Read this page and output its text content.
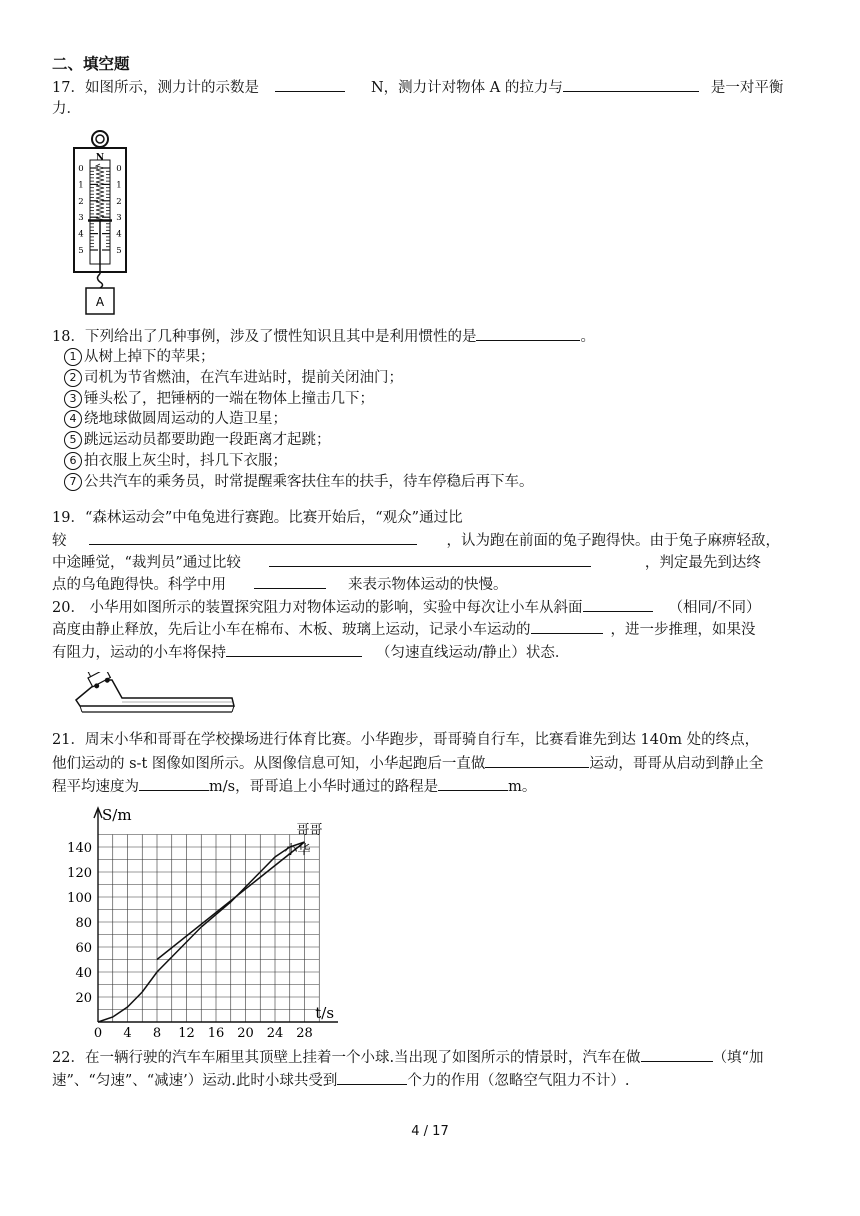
二、填空题
17．如图所示，测力计的示数是	N，测力计对物体 A 的拉力与	是一对平衡
力．
N
0	0
1	1
2	2
3	3
4	4
5	5
A
18．下列给出了几种事例，涉及了惯性知识且其中是利用惯性的是	。
1 从树上掉下的苹果；
2 司机为节省燃油，在汽车进站时，提前关闭油门；
3 锤头松了，把锤柄的一端在物体上撞击几下；
4 绕地球做圆周运动的人造卫星；
5 跳远运动员都要助跑一段距离才起跳；
6 拍衣服上灰尘时，抖几下衣服；
7 公共汽车的乘务员，时常提醒乘客扶住车的扶手，待车停稳后再下车。
19．“森林运动会”中龟兔进行赛跑。比赛开始后，“观众”通过比
较	，认为跑在前面的兔子跑得快。由于兔子麻痹轻敌，
中途睡觉，“裁判员”通过比较	，判定最先到达终
点的乌龟跑得快。科学中用	来表示物体运动的快慢。
20． 小华用如图所示的装置探究阻力对物体运动的影响，实验中每次让小车从斜面	（相同/不同）
高度由静止释放，先后让小车在棉布、木板、玻璃上运动，记录小车运动的	，进一步推理，如果没
有阻力，运动的小车将保持	（匀速直线运动/静止）状态．
21．周末小华和哥哥在学校操场进行体育比赛。小华跑步，哥哥骑自行车，比赛看谁先到达 140m 处的终点，
他们运动的 s-t 图像如图所示。从图像信息可知，小华起跑后一直做	运动，哥哥从启动到静止全
程平均速度为	m/s，哥哥追上小华时通过的路程是	m。
0 4 8 12 16 20 24 28
20
40
60
80
100
120
140
S/m
t/s
哥哥
小华
22．在一辆行驶的汽车车厢里其顶壁上挂着一个小球.当出现了如图所示的情景时，汽车在做	（填“加
速”、“匀速”、“减速’）运动.此时小球共受到	个力的作用（忽略空气阻力不计）.
4 / 17
